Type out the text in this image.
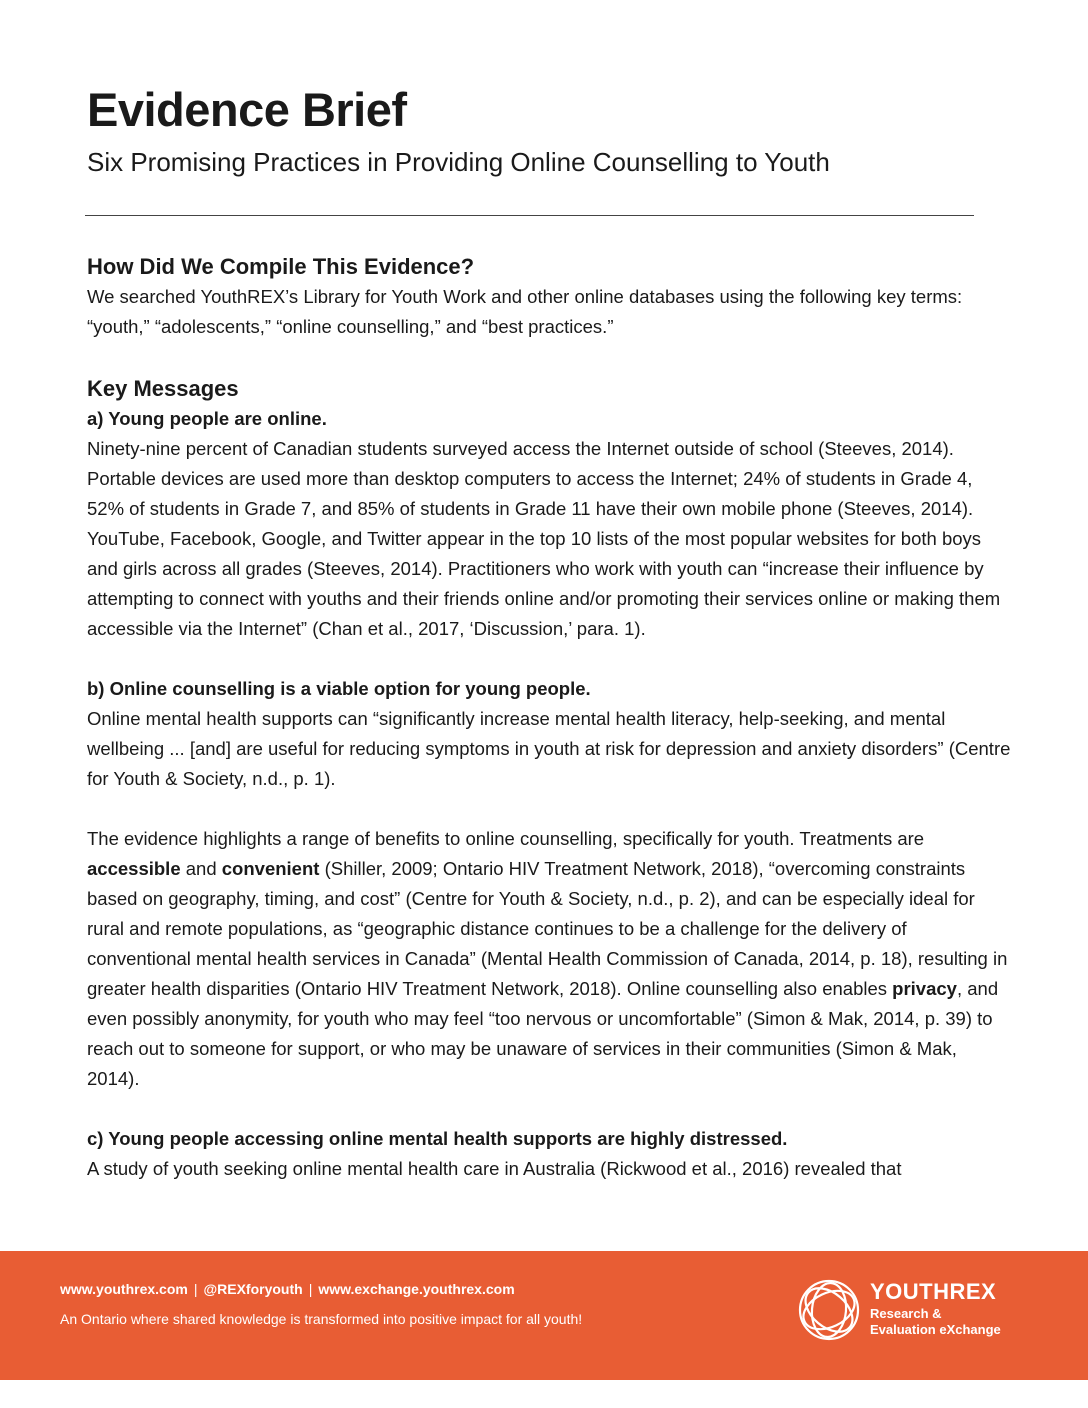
Evidence Brief
Six Promising Practices in Providing Online Counselling to Youth
How Did We Compile This Evidence?

We searched YouthREX’s Library for Youth Work and other online databases using the following key terms: “youth,” “adolescents,” “online counselling,” and “best practices.”

Key Messages
a) Young people are online.

Ninety-nine percent of Canadian students surveyed access the Internet outside of school (Steeves, 2014). Portable devices are used more than desktop computers to access the Internet; 24% of students in Grade 4, 52% of students in Grade 7, and 85% of students in Grade 11 have their own mobile phone (Steeves, 2014). YouTube, Facebook, Google, and Twitter appear in the top 10 lists of the most popular websites for both boys and girls across all grades (Steeves, 2014). Practitioners who work with youth can “increase their influence by attempting to connect with youths and their friends online and/or promoting their services online or making them accessible via the Internet” (Chan et al., 2017, ‘Discussion,’ para. 1).

b) Online counselling is a viable option for young people.

Online mental health supports can “significantly increase mental health literacy, help-seeking, and mental wellbeing ... [and] are useful for reducing symptoms in youth at risk for depression and anxiety disorders” (Centre for Youth & Society, n.d., p. 1).

The evidence highlights a range of benefits to online counselling, specifically for youth. Treatments are accessible and convenient (Shiller, 2009; Ontario HIV Treatment Network, 2018), “overcoming constraints based on geography, timing, and cost” (Centre for Youth & Society, n.d., p. 2), and can be especially ideal for rural and remote populations, as “geographic distance continues to be a challenge for the delivery of conventional mental health services in Canada” (Mental Health Commission of Canada, 2014, p. 18), resulting in greater health disparities (Ontario HIV Treatment Network, 2018). Online counselling also enables privacy, and even possibly anonymity, for youth who may feel “too nervous or uncomfortable” (Simon & Mak, 2014, p. 39) to reach out to someone for support, or who may be unaware of services in their communities (Simon & Mak, 2014).

c) Young people accessing online mental health supports are highly distressed.

A study of youth seeking online mental health care in Australia (Rickwood et al., 2016) revealed that

www.youthrex.com | @REXforyouth | www.exchange.youthrex.com
An Ontario where shared knowledge is transformed into positive impact for all youth!
YOUTHREX
Research &
Evaluation eXchange
